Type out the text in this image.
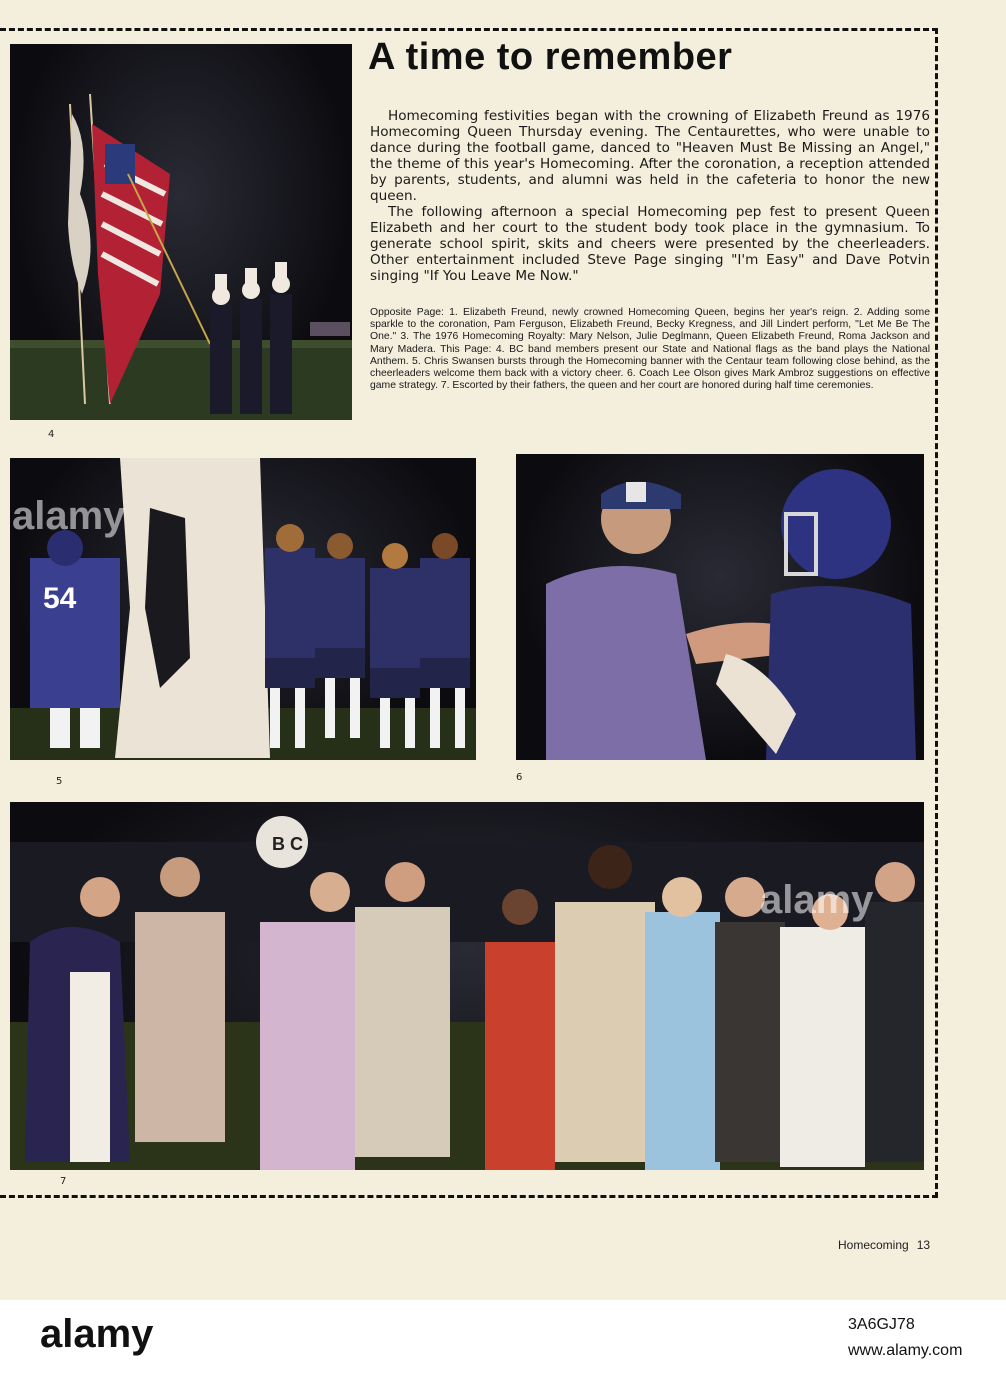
A time to remember
4

Homecoming festivities began with the crowning of Elizabeth Freund as 1976 Homecoming Queen Thursday evening. The Centaurettes, who were unable to dance during the football game, danced to "Heaven Must Be Missing an Angel," the theme of this year's Homecoming. After the coronation, a reception attended by parents, students, and alumni was held in the cafeteria to honor the new queen.

The following afternoon a special Homecoming pep fest to present Queen Elizabeth and her court to the student body took place in the gymnasium. To generate school spirit, skits and cheers were presented by the cheerleaders. Other entertainment included Steve Page singing "I'm Easy" and Dave Potvin singing "If You Leave Me Now."

Opposite Page: 1. Elizabeth Freund, newly crowned Homecoming Queen, begins her year's reign. 2. Adding some sparkle to the coronation, Pam Ferguson, Elizabeth Freund, Becky Kregness, and Jill Lindert perform, "Let Me Be The One." 3. The 1976 Homecoming Royalty: Mary Nelson, Julie Deglmann, Queen Elizabeth Freund, Roma Jackson and Mary Madera. This Page: 4. BC band members present our State and National flags as the band plays the National Anthem. 5. Chris Swansen bursts through the Homecoming banner with the Centaur team following close behind, as the cheerleaders welcome them back with a victory cheer. 6. Coach Lee Olson gives Mark Ambroz suggestions on effective game strategy. 7. Escorted by their fathers, the queen and her court are honored during half time ceremonies.
54
5	6
B C
7
alamy
alamy
Homecoming 13
alamy	3A6GJ78
www.alamy.com
